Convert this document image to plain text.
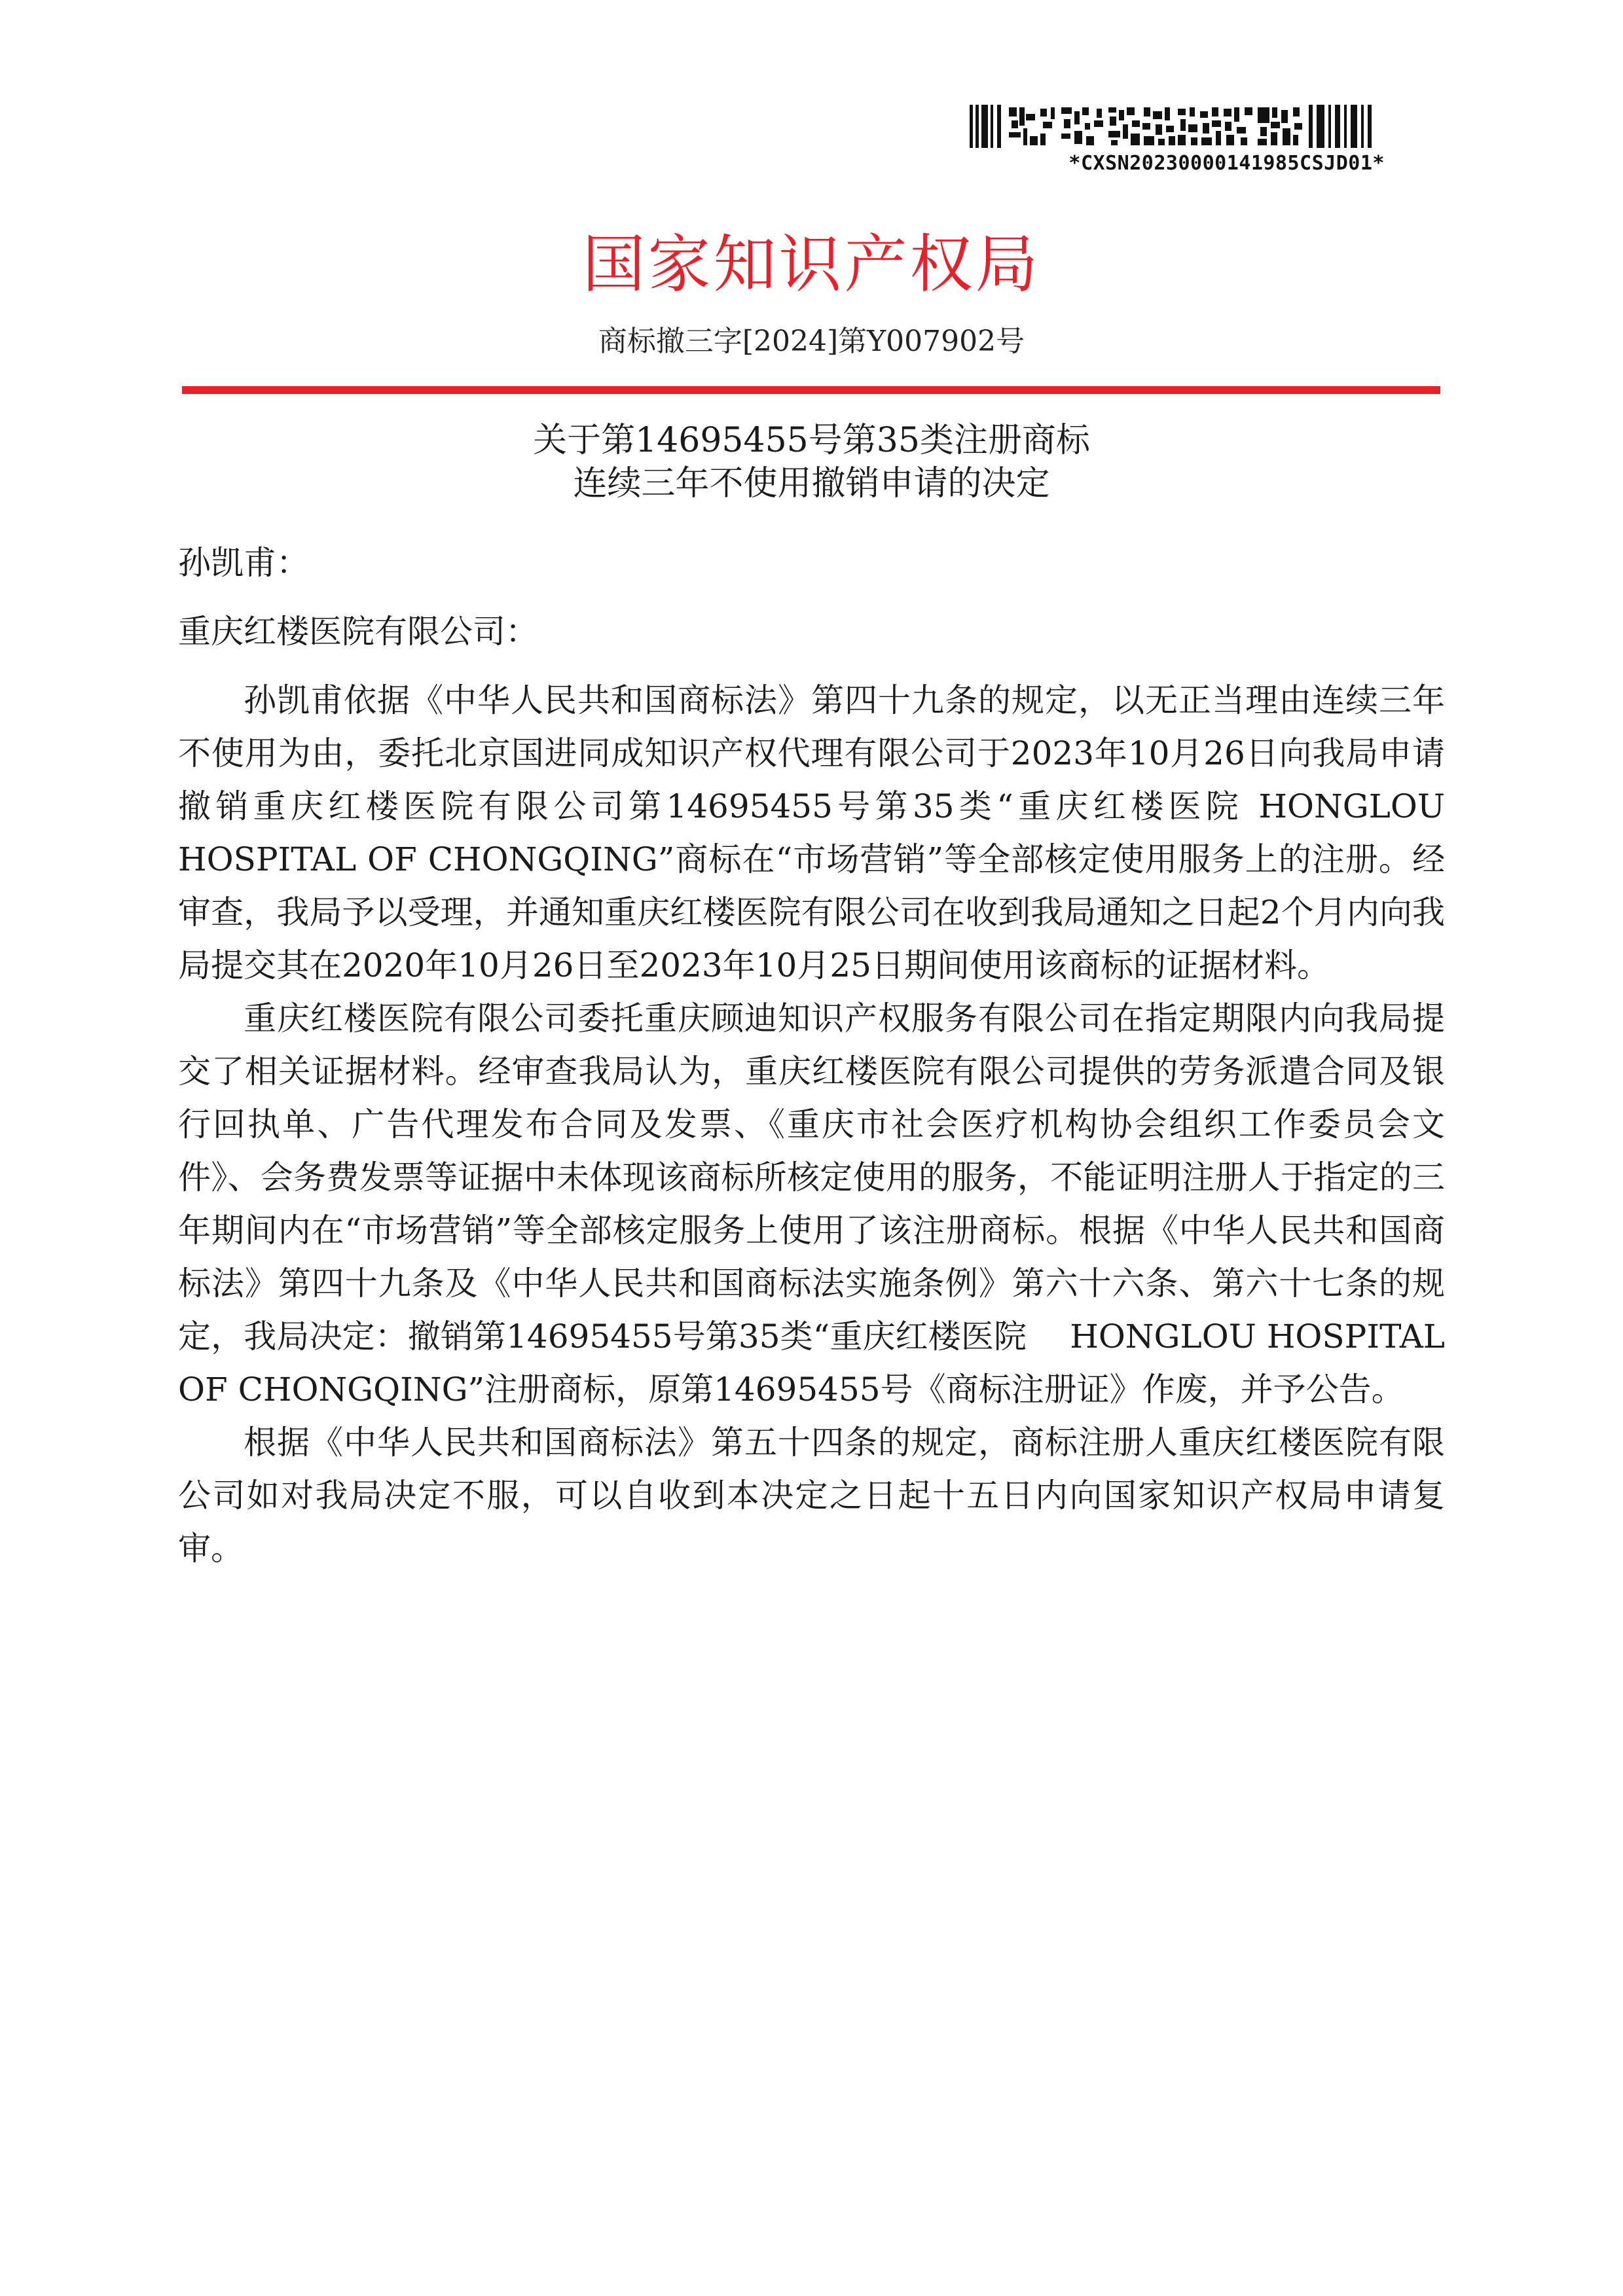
*CXSN20230000141985CSJD01*
国家知识产权局
商标撤三字[2024]第Y007902号
关于第14695455号第35类注册商标
连续三年不使用撤销申请的决定

孙凯甫：

重庆红楼医院有限公司：

孙凯甫依据《中华人民共和国商标法》第四十九条的规定，以无正当理由连续三年不使用为由，委托北京国进同成知识产权代理有限公司于2023年10月26日向我局申请撤销重庆红楼医院有限公司第14695455号第35类“重庆红楼医院 HONGLOU HOSPITAL OF CHONGQING”商标在“市场营销”等全部核定使用服务上的注册。经审查，我局予以受理，并通知重庆红楼医院有限公司在收到我局通知之日起2个月内向我局提交其在2020年10月26日至2023年10月25日期间使用该商标的证据材料。

重庆红楼医院有限公司委托重庆顾迪知识产权服务有限公司在指定期限内向我局提交了相关证据材料。经审查我局认为，重庆红楼医院有限公司提供的劳务派遣合同及银行回执单、广告代理发布合同及发票、《重庆市社会医疗机构协会组织工作委员会文件》、会务费发票等证据中未体现该商标所核定使用的服务，不能证明注册人于指定的三年期间内在“市场营销”等全部核定服务上使用了该注册商标。根据《中华人民共和国商标法》第四十九条及《中华人民共和国商标法实施条例》第六十六条、第六十七条的规定，我局决定：撤销第14695455号第35类“重庆红楼医院　 HONGLOU HOSPITAL OF CHONGQING”注册商标，原第14695455号《商标注册证》作废，并予公告。

根据《中华人民共和国商标法》第五十四条的规定，商标注册人重庆红楼医院有限公司如对我局决定不服，可以自收到本决定之日起十五日内向国家知识产权局申请复审。
